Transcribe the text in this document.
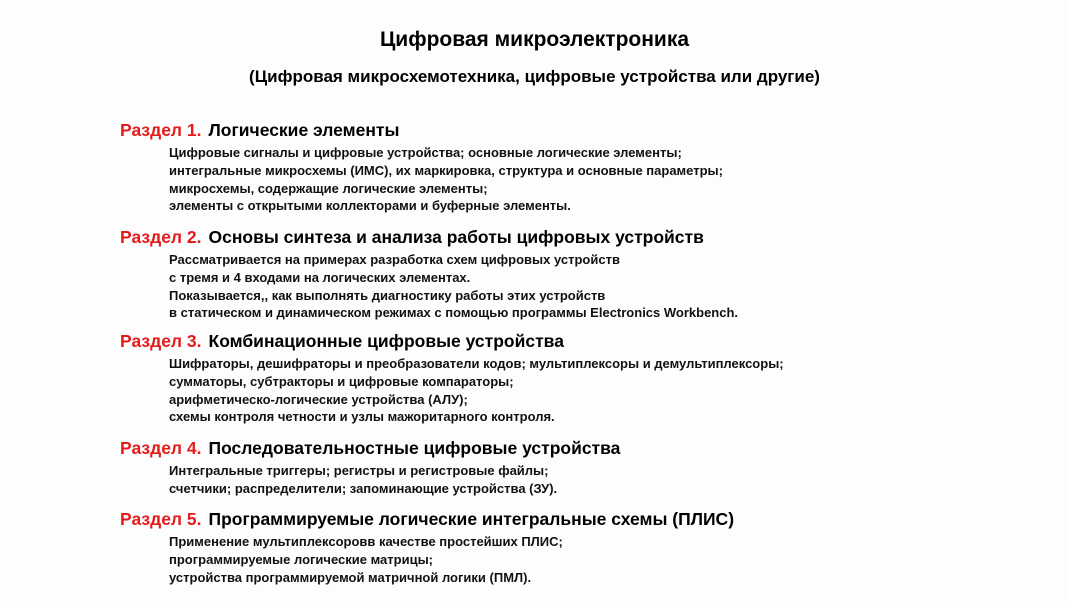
Цифровая микроэлектроника
(Цифровая микросхемотехника, цифровые устройства или другие)
Раздел 1. Логические элементы
Цифровые сигналы и цифровые устройства; основные логические элементы;
интегральные микросхемы (ИМС), их маркировка, структура и основные параметры;
микросхемы, содержащие логические элементы;
элементы с открытыми коллекторами и буферные элементы.
Раздел 2. Основы синтеза и анализа работы цифровых устройств
Рассматривается на примерах разработка схем цифровых устройств
с тремя и 4 входами на логических элементах.
Показывается,, как выполнять диагностику работы этих устройств
в статическом и динамическом режимах с помощью программы Electronics Workbench.
Раздел 3. Комбинационные цифровые устройства
Шифраторы, дешифраторы и преобразователи кодов; мультиплексоры и демультиплексоры;
сумматоры, субтракторы и цифровые компараторы;
арифметическо-логические устройства (АЛУ);
схемы контроля четности и узлы мажоритарного контроля.
Раздел 4. Последовательностные цифровые устройства
Интегральные триггеры; регистры и регистровые файлы;
счетчики; распределители; запоминающие устройства (ЗУ).
Раздел 5. Программируемые логические интегральные схемы (ПЛИС)
Применение мультиплексоровв качестве простейших ПЛИС;
программируемые логические матрицы;
устройства программируемой матричной логики (ПМЛ).
